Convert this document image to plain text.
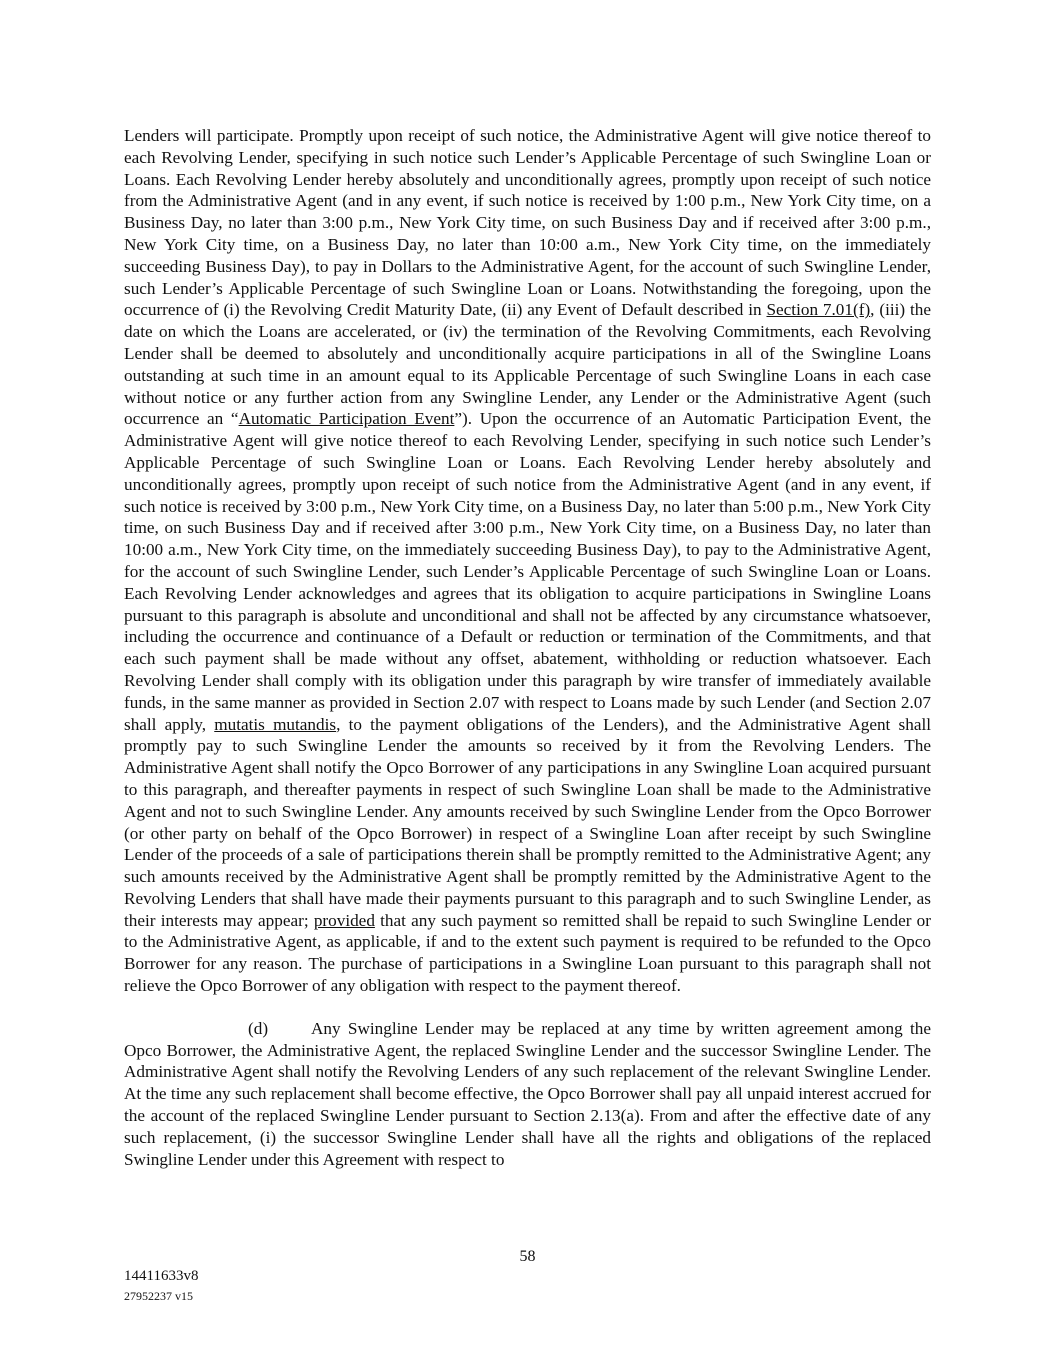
Lenders will participate. Promptly upon receipt of such notice, the Administrative Agent will give notice thereof to each Revolving Lender, specifying in such notice such Lender’s Applicable Percentage of such Swingline Loan or Loans. Each Revolving Lender hereby absolutely and unconditionally agrees, promptly upon receipt of such notice from the Administrative Agent (and in any event, if such notice is received by 1:00 p.m., New York City time, on a Business Day, no later than 3:00 p.m., New York City time, on such Business Day and if received after 3:00 p.m., New York City time, on a Business Day, no later than 10:00 a.m., New York City time, on the immediately succeeding Business Day), to pay in Dollars to the Administrative Agent, for the account of such Swingline Lender, such Lender’s Applicable Percentage of such Swingline Loan or Loans. Notwithstanding the foregoing, upon the occurrence of (i) the Revolving Credit Maturity Date, (ii) any Event of Default described in Section 7.01(f), (iii) the date on which the Loans are accelerated, or (iv) the termination of the Revolving Commitments, each Revolving Lender shall be deemed to absolutely and unconditionally acquire participations in all of the Swingline Loans outstanding at such time in an amount equal to its Applicable Percentage of such Swingline Loans in each case without notice or any further action from any Swingline Lender, any Lender or the Administrative Agent (such occurrence an “Automatic Participation Event”). Upon the occurrence of an Automatic Participation Event, the Administrative Agent will give notice thereof to each Revolving Lender, specifying in such notice such Lender’s Applicable Percentage of such Swingline Loan or Loans. Each Revolving Lender hereby absolutely and unconditionally agrees, promptly upon receipt of such notice from the Administrative Agent (and in any event, if such notice is received by 3:00 p.m., New York City time, on a Business Day, no later than 5:00 p.m., New York City time, on such Business Day and if received after 3:00 p.m., New York City time, on a Business Day, no later than 10:00 a.m., New York City time, on the immediately succeeding Business Day), to pay to the Administrative Agent, for the account of such Swingline Lender, such Lender’s Applicable Percentage of such Swingline Loan or Loans. Each Revolving Lender acknowledges and agrees that its obligation to acquire participations in Swingline Loans pursuant to this paragraph is absolute and unconditional and shall not be affected by any circumstance whatsoever, including the occurrence and continuance of a Default or reduction or termination of the Commitments, and that each such payment shall be made without any offset, abatement, withholding or reduction whatsoever. Each Revolving Lender shall comply with its obligation under this paragraph by wire transfer of immediately available funds, in the same manner as provided in Section 2.07 with respect to Loans made by such Lender (and Section 2.07 shall apply, mutatis mutandis, to the payment obligations of the Lenders), and the Administrative Agent shall promptly pay to such Swingline Lender the amounts so received by it from the Revolving Lenders. The Administrative Agent shall notify the Opco Borrower of any participations in any Swingline Loan acquired pursuant to this paragraph, and thereafter payments in respect of such Swingline Loan shall be made to the Administrative Agent and not to such Swingline Lender. Any amounts received by such Swingline Lender from the Opco Borrower (or other party on behalf of the Opco Borrower) in respect of a Swingline Loan after receipt by such Swingline Lender of the proceeds of a sale of participations therein shall be promptly remitted to the Administrative Agent; any such amounts received by the Administrative Agent shall be promptly remitted by the Administrative Agent to the Revolving Lenders that shall have made their payments pursuant to this paragraph and to such Swingline Lender, as their interests may appear; provided that any such payment so remitted shall be repaid to such Swingline Lender or to the Administrative Agent, as applicable, if and to the extent such payment is required to be refunded to the Opco Borrower for any reason. The purchase of participations in a Swingline Loan pursuant to this paragraph shall not relieve the Opco Borrower of any obligation with respect to the payment thereof.

(d) Any Swingline Lender may be replaced at any time by written agreement among the Opco Borrower, the Administrative Agent, the replaced Swingline Lender and the successor Swingline Lender. The Administrative Agent shall notify the Revolving Lenders of any such replacement of the relevant Swingline Lender. At the time any such replacement shall become effective, the Opco Borrower shall pay all unpaid interest accrued for the account of the replaced Swingline Lender pursuant to Section 2.13(a). From and after the effective date of any such replacement, (i) the successor Swingline Lender shall have all the rights and obligations of the replaced Swingline Lender under this Agreement with respect to

58
14411633v8
27952237 v15
